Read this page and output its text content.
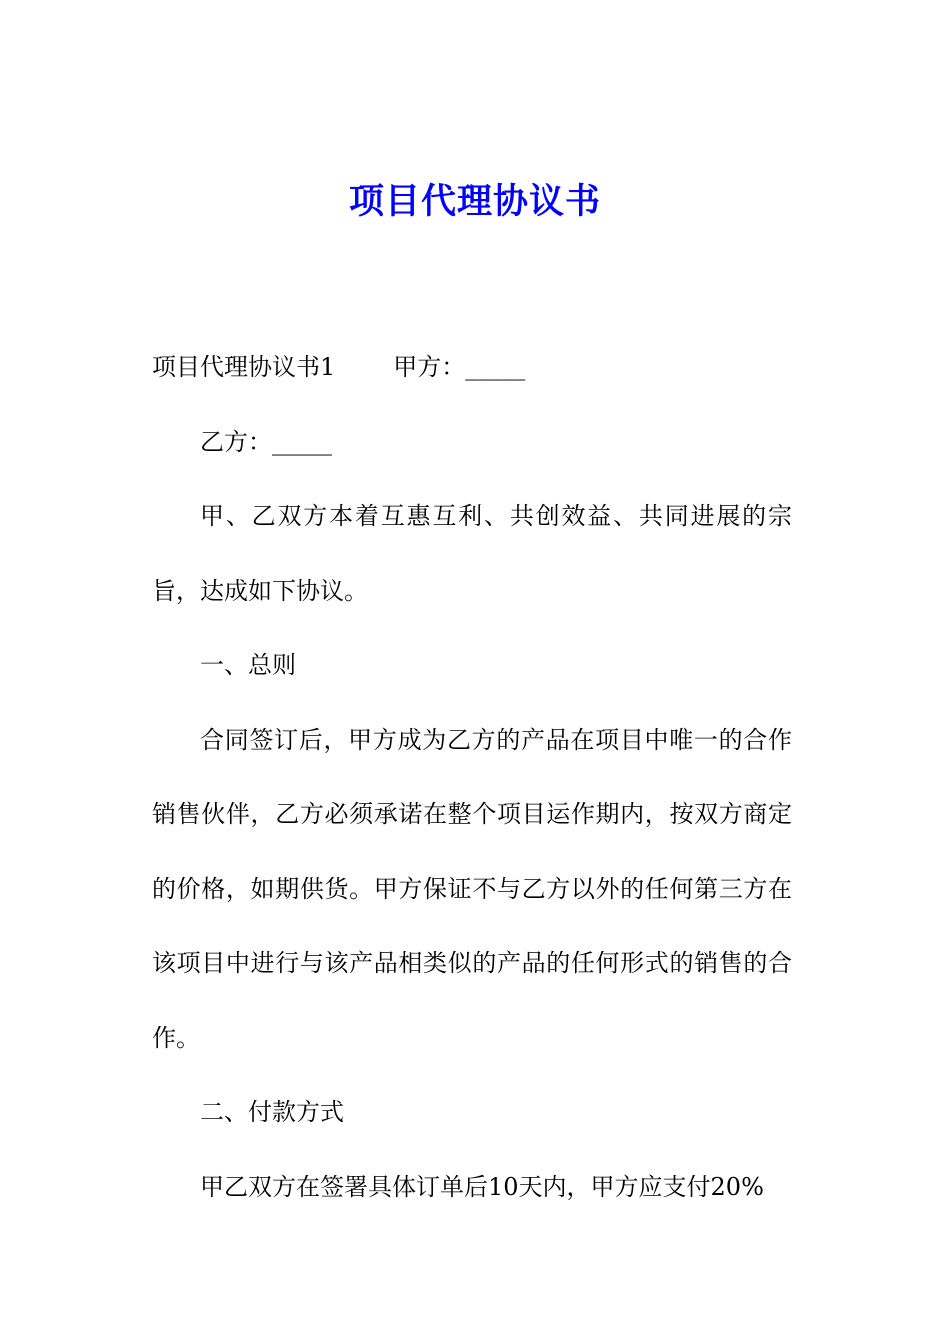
项目代理协议书

项目代理协议书1 甲方：_____

乙方：_____

甲、乙双方本着互惠互利、共创效益、共同进展的宗旨，达成如下协议。

一、总则

合同签订后，甲方成为乙方的产品在项目中唯一的合作销售伙伴，乙方必须承诺在整个项目运作期内，按双方商定的价格，如期供货。甲方保证不与乙方以外的任何第三方在该项目中进行与该产品相类似的产品的任何形式的销售的合作。

二、付款方式

甲乙双方在签署具体订单后10天内，甲方应支付20%
